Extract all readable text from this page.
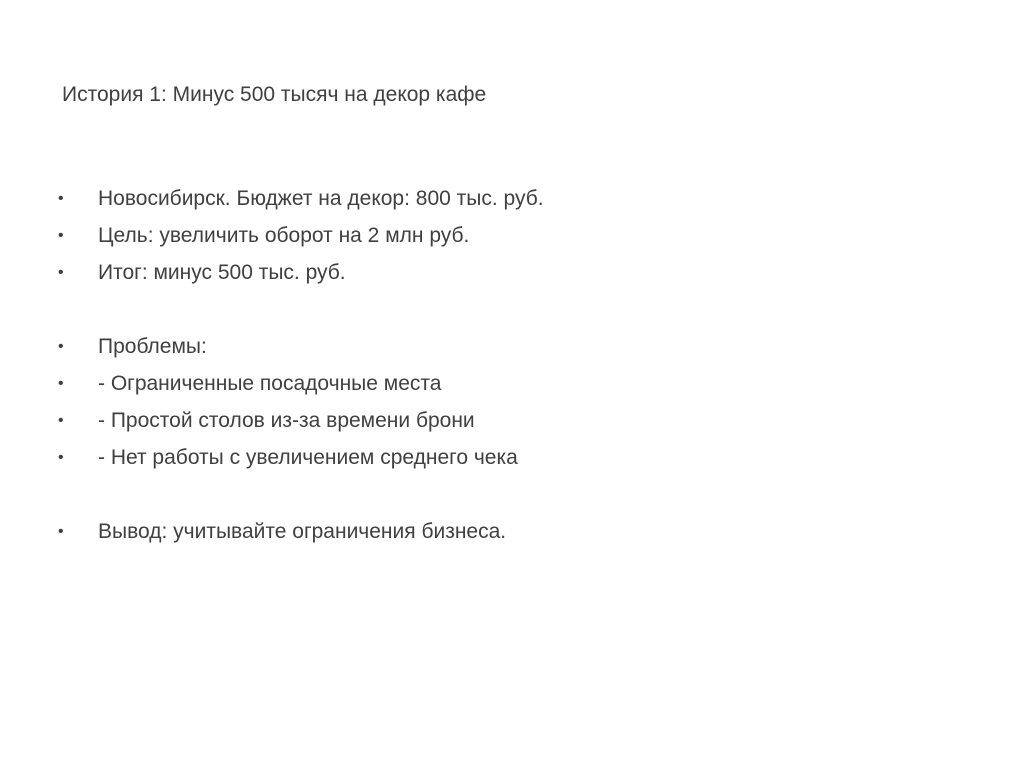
История 1: Минус 500 тысяч на декор кафе
•	Новосибирск. Бюджет на декор: 800 тыс. руб.
•	Цель: увеличить оборот на 2 млн руб.
•	Итог: минус 500 тыс. руб.
•	Проблемы:
•	- Ограниченные посадочные места
•	- Простой столов из-за времени брони
•	- Нет работы с увеличением среднего чека
•	Вывод: учитывайте ограничения бизнеса.
